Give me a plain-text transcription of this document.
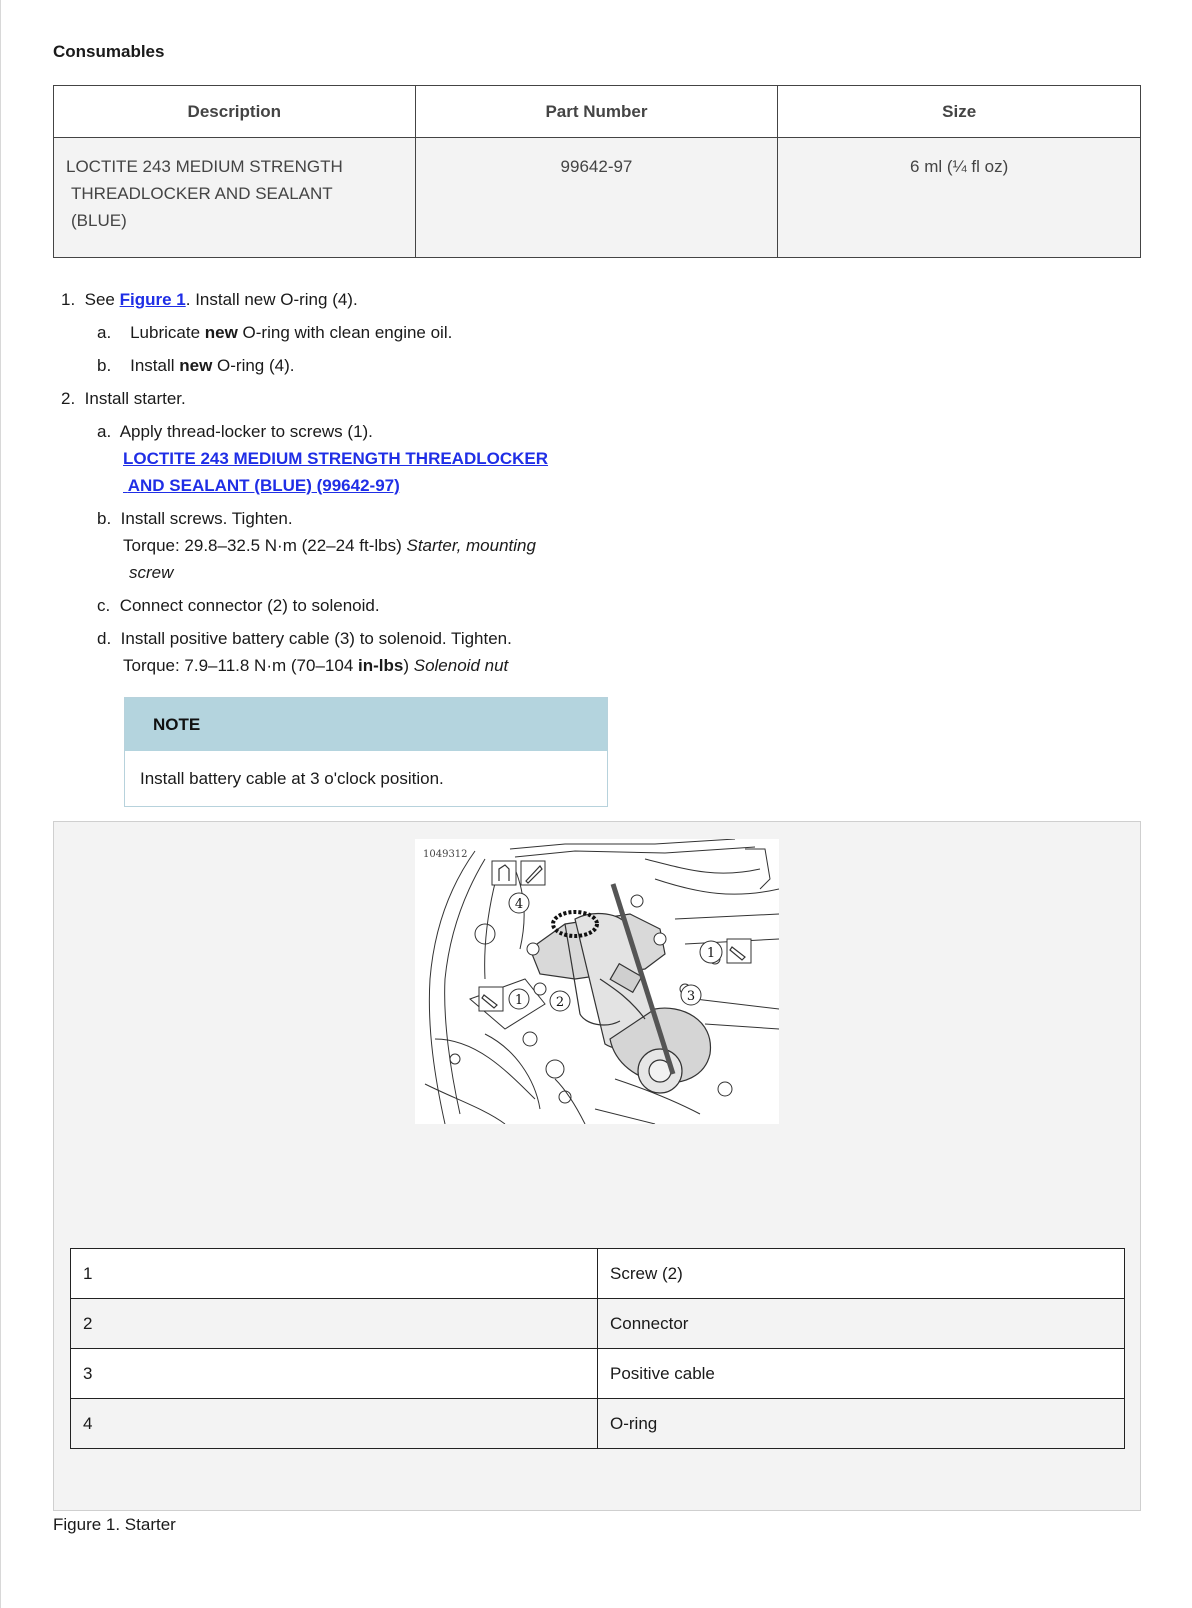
Consumables
Description	Part Number	Size

LOCTITE 243 MEDIUM STRENGTH
THREADLOCKER AND SEALANT
(BLUE)	99642-97	6 ml (¼ fl oz)
1. See Figure 1. Install new O-ring (4).
a. Lubricate new O-ring with clean engine oil.
b. Install new O-ring (4).
2. Install starter.
a. Apply thread-locker to screws (1).
LOCTITE 243 MEDIUM STRENGTH THREADLOCKER
AND SEALANT (BLUE) (99642-97)
b. Install screws. Tighten.
Torque: 29.8–32.5 N·m (22–24 ft-lbs) Starter, mounting
screw
c. Connect connector (2) to solenoid.
d. Install positive battery cable (3) to solenoid. Tighten.
Torque: 7.9–11.8 N·m (70–104 in-lbs) Solenoid nut
NOTE
Install battery cable at 3 o'clock position.
1049312
4
1
1	2	3
1	Screw (2)
2	Connector
3	Positive cable
4	O-ring
Figure 1. Starter
